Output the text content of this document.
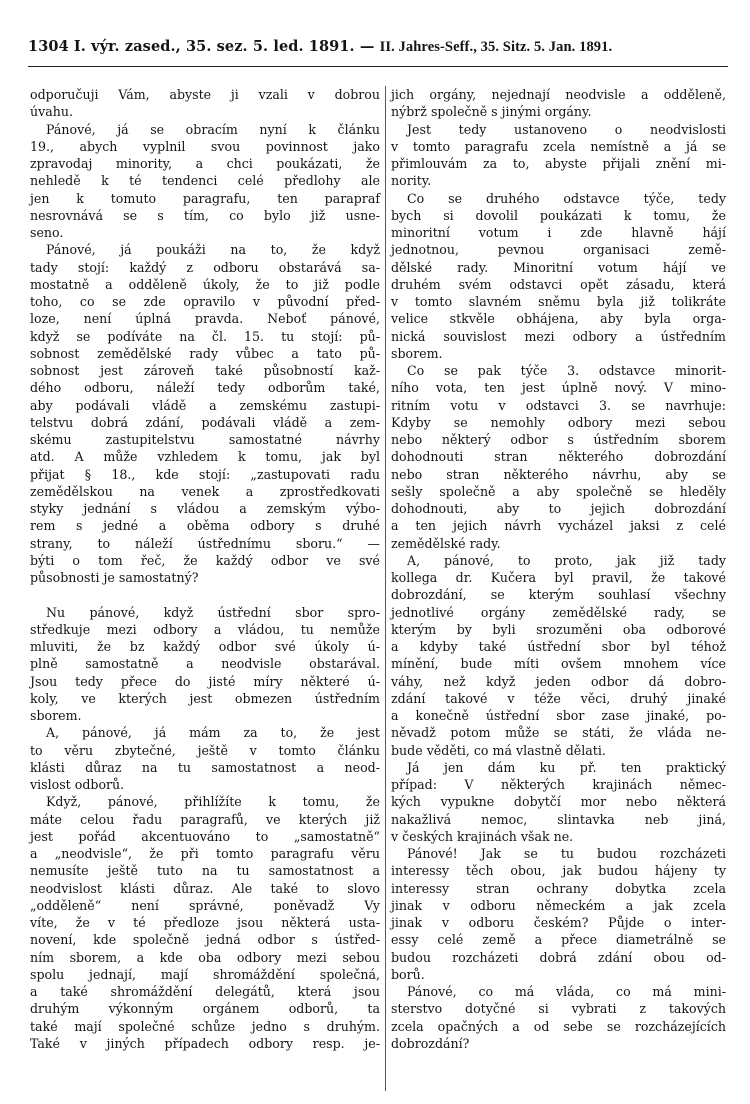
1304 I. výr. zased., 35. sez. 5. led. 1891. — II. Jahres-Seff., 35. Sitz. 5. Jan. 1891.
odporučuji Vám, abyste ji vzali v dobrou
úvahu.
Pánové, já se obracím nyní k článku
19., abych vyplnil svou povinnost jako
zpravodaj minority, a chci poukázati, že
nehledě k té tendenci celé předlohy ale
jen k tomuto paragrafu, ten parapraf
nesrovnává se s tím, co bylo již usne-
seno.
Pánové, já poukáži na to, že když
tady stojí: každý z odboru obstarává sa-
mostatně a odděleně úkoly, že to již podle
toho, co se zde opravilo v původní před-
loze, není úplná pravda. Neboť pánové,
když se podíváte na čl. 15. tu stojí: pů-
sobnost zemědělské rady vůbec a tato pů-
sobnost jest zároveň také působností kaž-
dého odboru, náleží tedy odborům také,
aby podávali vládě a zemskému zastupi-
telstvu dobrá zdání, podávali vládě a zem-
skému zastupitelstvu samostatné návrhy
atd. A může vzhledem k tomu, jak byl
přijat § 18., kde stojí: „zastupovati radu
zemědělskou na venek a zprostředkovati
styky jednání s vládou a zemským výbo-
rem s jedné a oběma odbory s druhé
strany, to náleží ústřednímu sboru.“ —
býti o tom řeč, že každý odbor ve své
působnosti je samostatný?
Nu pánové, když ústřední sbor spro-
středkuje mezi odbory a vládou, tu nemůže
mluviti, že bz každý odbor své úkoly ú-
plně samostatně a neodvisle obstarával.
Jsou tedy přece do jisté míry některé ú-
koly, ve kterých jest obmezen ústředním
sborem.
A, pánové, já mám za to, že jest
to věru zbytečné, ještě v tomto článku
klásti důraz na tu samostatnost a neod-
vislost odborů.
Když, pánové, přihlížíte k tomu, že
máte celou řadu paragrafů, ve kterých již
jest pořád akcentuováno to „samostatně“
a „neodvisle“, že při tomto paragrafu věru
nemusíte ještě tuto na tu samostatnost a
neodvislost klásti důraz. Ale také to slovo
„odděleně“ není správné, poněvadž Vy
víte, že v té předloze jsou některá usta-
novení, kde společně jedná odbor s ústřed-
ním sborem, a kde oba odbory mezi sebou
spolu jednají, mají shromáždění společná,
a také shromáždění delegátů, která jsou
druhým výkonným orgánem odborů, ta
také mají společné schůze jedno s druhým.
Také v jiných případech odbory resp. je-
jich orgány, nejednají neodvisle a odděleně,
nýbrž společně s jinými orgány.
Jest tedy ustanoveno o neodvislosti
v tomto paragrafu zcela nemístně a já se
přimlouvám za to, abyste přijali znění mi-
nority.
Co se druhého odstavce týče, tedy
bych si dovolil poukázati k tomu, že
minoritní votum i zde hlavně hájí
jednotnou, pevnou organisaci země-
dělské rady. Minoritní votum hájí ve
druhém svém odstavci opět zásadu, která
v tomto slavném sněmu byla již tolikráte
velice stkvěle obhájena, aby byla orga-
nická souvislost mezi odbory a ústředním
sborem.
Co se pak týče 3. odstavce minorit-
ního vota, ten jest úplně nový. V mino-
ritním votu v odstavci 3. se navrhuje:
Kdyby se nemohly odbory mezi sebou
nebo některý odbor s ústředním sborem
dohodnouti stran některého dobrozdání
nebo stran některého návrhu, aby se
sešly společně a aby společně se hleděly
dohodnouti, aby to jejich dobrozdání
a ten jejich návrh vycházel jaksi z celé
zemědělské rady.
A, pánové, to proto, jak již tady
kollega dr. Kučera byl pravil, že takové
dobrozdání, se kterým souhlasí všechny
jednotlivé orgány zemědělské rady, se
kterým by byli srozuměni oba odborové
a kdyby také ústřední sbor byl téhož
mínění, bude míti ovšem mnohem více
váhy, než když jeden odbor dá dobro-
zdání takové v téže věci, druhý jinaké
a konečně ústřední sbor zase jinaké, po-
něvadž potom může se státi, že vláda ne-
bude věděti, co má vlastně dělati.
Já jen dám ku př. ten praktický
případ: V některých krajinách němec-
kých vypukne dobytčí mor nebo některá
nakažlivá nemoc, slintavka neb jiná,
v českých krajinách však ne.
Pánové! Jak se tu budou rozcházeti
interessy těch obou, jak budou hájeny ty
interessy stran ochrany dobytka zcela
jinak v odboru německém a jak zcela
jinak v odboru českém? Půjde o inter-
essy celé země a přece diametrálně se
budou rozcházeti dobrá zdání obou od-
borů.
Pánové, co má vláda, co má mini-
sterstvo dotyčné si vybrati z takových
zcela opačných a od sebe se rozcházejících
dobrozdání?
